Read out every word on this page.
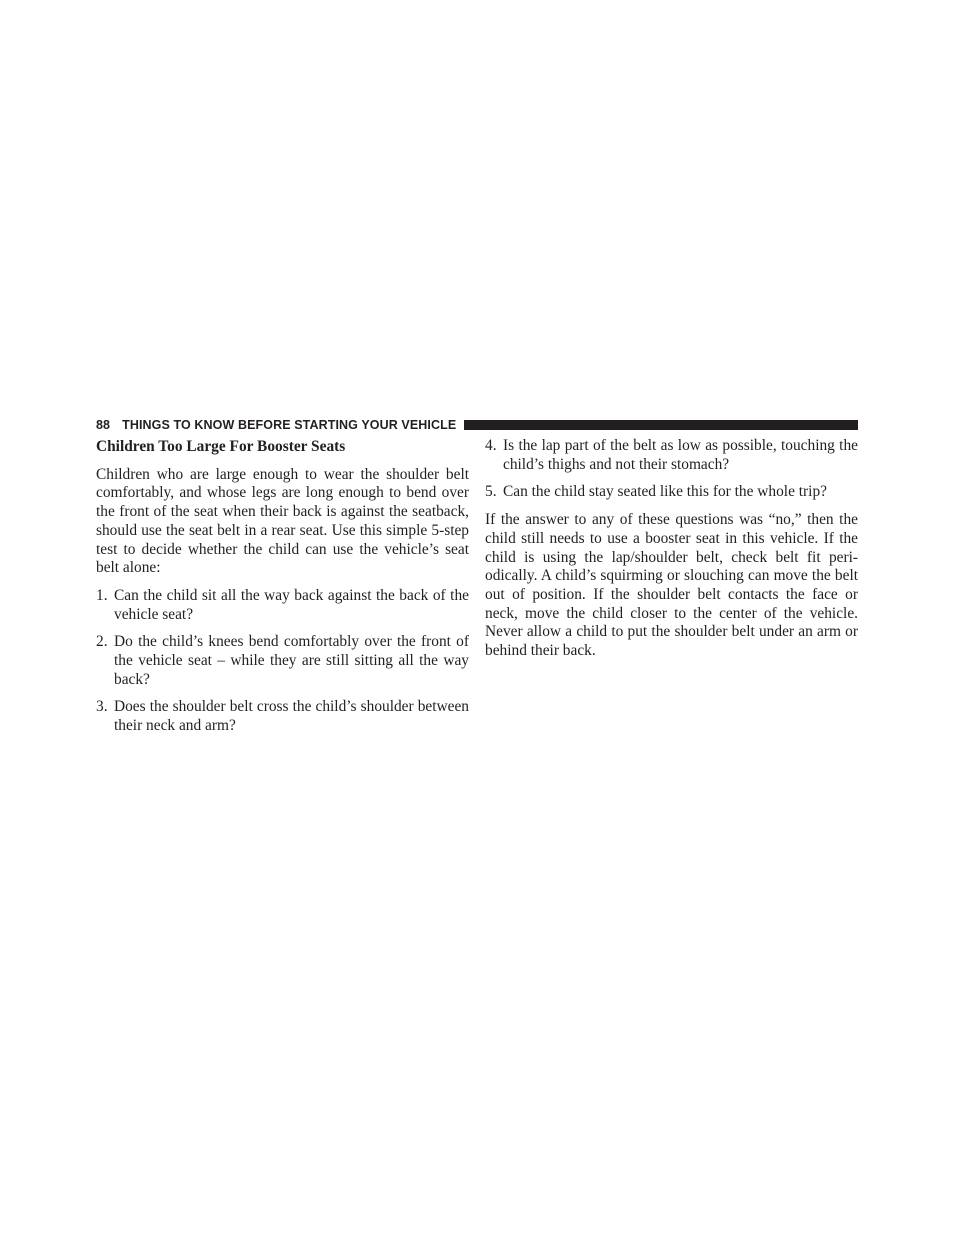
88 THINGS TO KNOW BEFORE STARTING YOUR VEHICLE
Children Too Large For Booster Seats

Children who are large enough to wear the shoulder belt comfortably, and whose legs are long enough to bend over the front of the seat when their back is against the seatback, should use the seat belt in a rear seat. Use this simple 5-step test to decide whether the child can use the vehicle’s seat belt alone:

1. Can the child sit all the way back against the back of the vehicle seat?
2. Do the child’s knees bend comfortably over the front of the vehicle seat – while they are still sitting all the way back?
3. Does the shoulder belt cross the child’s shoulder between their neck and arm?
4. Is the lap part of the belt as low as possible, touching the child’s thighs and not their stomach?
5. Can the child stay seated like this for the whole trip?

If the answer to any of these questions was “no,” then the child still needs to use a booster seat in this vehicle. If the child is using the lap/shoulder belt, check belt fit peri-odically. A child’s squirming or slouching can move the belt out of position. If the shoulder belt contacts the face or neck, move the child closer to the center of the vehicle. Never allow a child to put the shoulder belt under an arm or behind their back.
